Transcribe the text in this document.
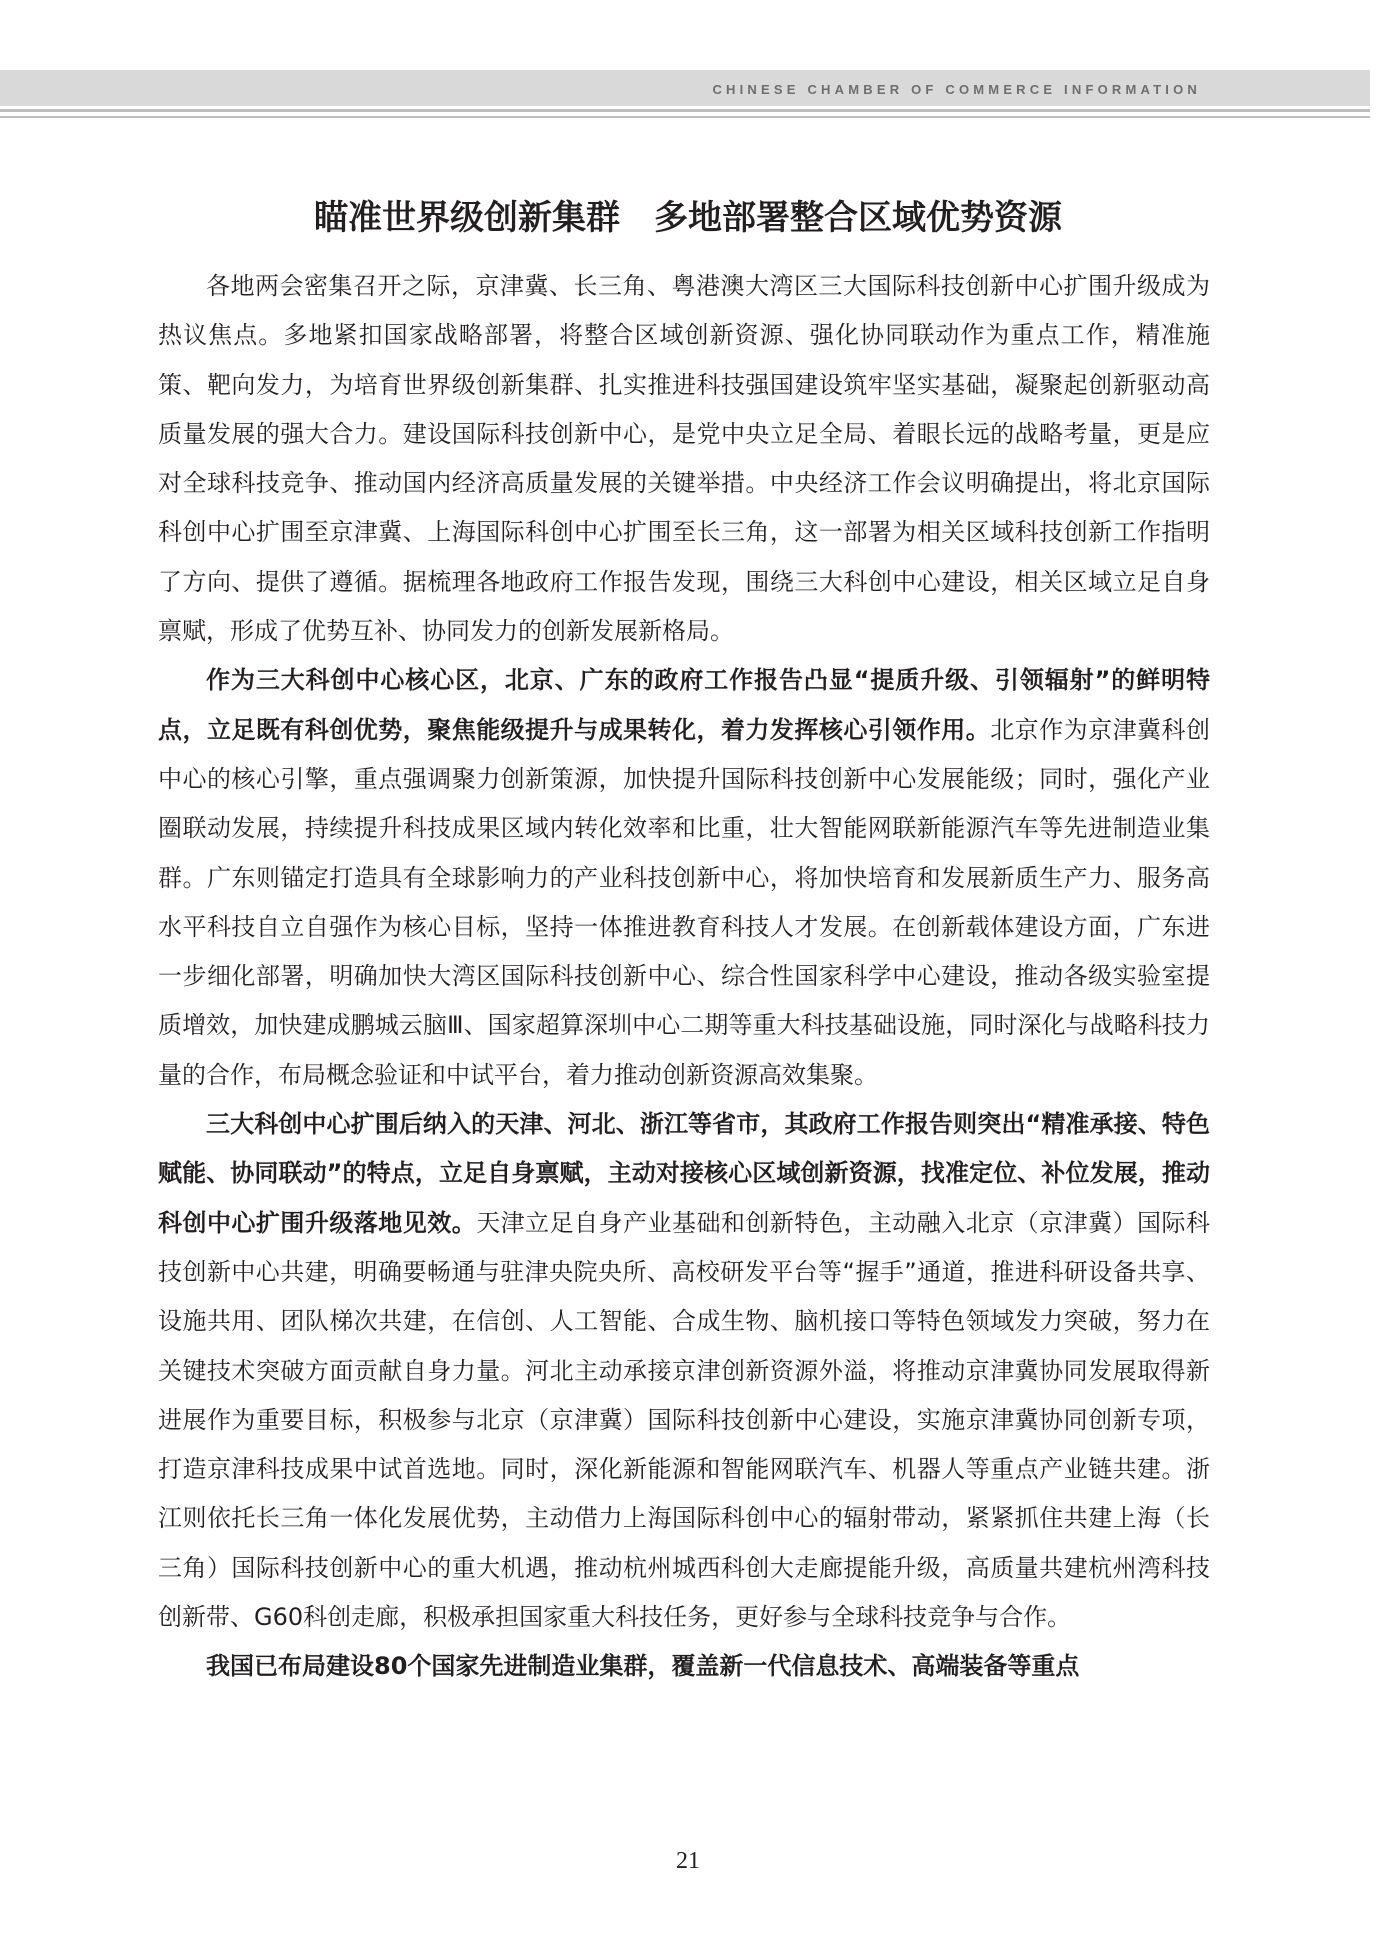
CHINESE CHAMBER OF COMMERCE INFORMATION
瞄准世界级创新集群　多地部署整合区域优势资源

各地两会密集召开之际，京津冀、长三角、粤港澳大湾区三大国际科技创新中心扩围升级成为热议焦点。多地紧扣国家战略部署，将整合区域创新资源、强化协同联动作为重点工作，精准施策、靶向发力，为培育世界级创新集群、扎实推进科技强国建设筑牢坚实基础，凝聚起创新驱动高质量发展的强大合力。建设国际科技创新中心，是党中央立足全局、着眼长远的战略考量，更是应对全球科技竞争、推动国内经济高质量发展的关键举措。中央经济工作会议明确提出，将北京国际科创中心扩围至京津冀、上海国际科创中心扩围至长三角，这一部署为相关区域科技创新工作指明了方向、提供了遵循。据梳理各地政府工作报告发现，围绕三大科创中心建设，相关区域立足自身禀赋，形成了优势互补、协同发力的创新发展新格局。

作为三大科创中心核心区，北京、广东的政府工作报告凸显“提质升级、引领辐射”的鲜明特点，立足既有科创优势，聚焦能级提升与成果转化，着力发挥核心引领作用。北京作为京津冀科创中心的核心引擎，重点强调聚力创新策源，加快提升国际科技创新中心发展能级；同时，强化产业圈联动发展，持续提升科技成果区域内转化效率和比重，壮大智能网联新能源汽车等先进制造业集群。广东则锚定打造具有全球影响力的产业科技创新中心，将加快培育和发展新质生产力、服务高水平科技自立自强作为核心目标，坚持一体推进教育科技人才发展。在创新载体建设方面，广东进一步细化部署，明确加快大湾区国际科技创新中心、综合性国家科学中心建设，推动各级实验室提质增效，加快建成鹏城云脑Ⅲ、国家超算深圳中心二期等重大科技基础设施，同时深化与战略科技力量的合作，布局概念验证和中试平台，着力推动创新资源高效集聚。

三大科创中心扩围后纳入的天津、河北、浙江等省市，其政府工作报告则突出“精准承接、特色赋能、协同联动”的特点，立足自身禀赋，主动对接核心区域创新资源，找准定位、补位发展，推动科创中心扩围升级落地见效。天津立足自身产业基础和创新特色，主动融入北京（京津冀）国际科技创新中心共建，明确要畅通与驻津央院央所、高校研发平台等“握手”通道，推进科研设备共享、设施共用、团队梯次共建，在信创、人工智能、合成生物、脑机接口等特色领域发力突破，努力在关键技术突破方面贡献自身力量。河北主动承接京津创新资源外溢，将推动京津冀协同发展取得新进展作为重要目标，积极参与北京（京津冀）国际科技创新中心建设，实施京津冀协同创新专项，打造京津科技成果中试首选地。同时，深化新能源和智能网联汽车、机器人等重点产业链共建。浙江则依托长三角一体化发展优势，主动借力上海国际科创中心的辐射带动，紧紧抓住共建上海（长三角）国际科技创新中心的重大机遇，推动杭州城西科创大走廊提能升级，高质量共建杭州湾科技创新带、G60科创走廊，积极承担国家重大科技任务，更好参与全球科技竞争与合作。

我国已布局建设80个国家先进制造业集群，覆盖新一代信息技术、高端装备等重点

21
